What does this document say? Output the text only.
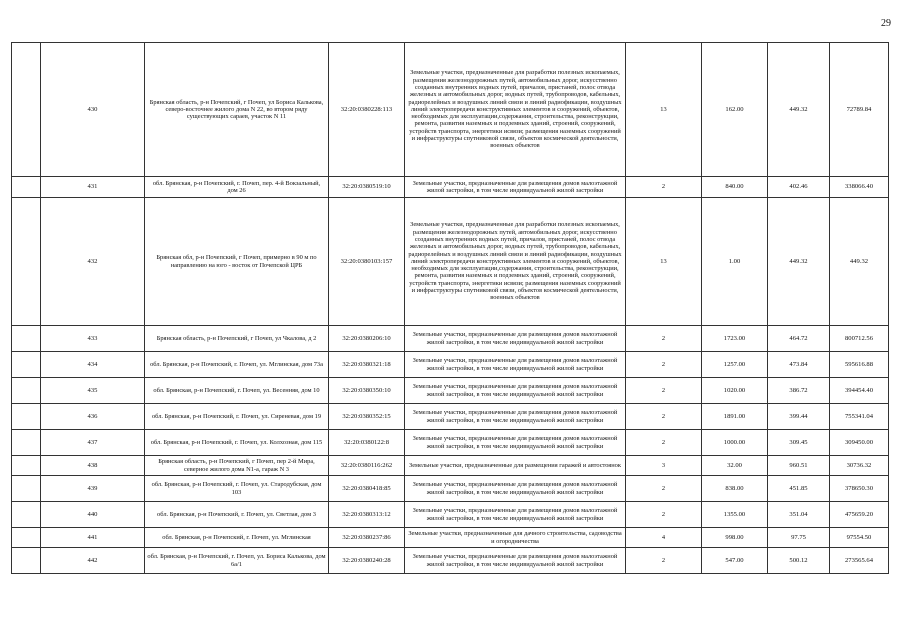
29
	430	Брянская область, р-н Почепский, г Почеп, ул Бориса Калькова, северо-восточнее жилого дома N 22, во втором ряду существующих сараев, участок N 11	32:20:0380228:113	Земельные участки, предназначенные для разработки полезных ископаемых, размещения железнодорожных путей, автомобильных дорог, искусственно созданных внутренних водных путей, причалов, пристаней, полос отвода железных и автомобильных дорог, водных путей, трубопроводов, кабельных, радиорелейных и воздушных линий связи и линий радиофикации, воздушных линий электропередачи конструктивных элементов и сооружений, объектов, необходимых для эксплуатации,содержания, строительства, реконструкции, ремонта, развития наземных и подземных зданий, строений, сооружений, устройств транспорта, энергетики исвязи; размещения наземных сооружений и инфраструктуры спутниковой связи, объектов космической деятельности, военных объектов	13	162.00	449.32	72789.84
	431	обл. Брянская, р-н Почепский, г. Почеп, пер. 4-й Вокзальный, дом 26	32:20:0380519:10	Земельные участки, предназначенные для размещения домов малоэтажной жилой застройки, в том числе индивидуальной жилой застройки	2	840.00	402.46	338066.40
	432	Брянская обл, р-н Почепский, г Почеп, примерно в 90 м по направлению на юго - восток от Почепской ЦРБ	32:20:0380103:157	Земельные участки, предназначенные для разработки полезных ископаемых, размещения железнодорожных путей, автомобильных дорог, искусственно созданных внутренних водных путей, причалов, пристаней, полос отвода железных и автомобильных дорог, водных путей, трубопроводов, кабельных, радиорелейных и воздушных линий связи и линий радиофикации, воздушных линий электропередачи конструктивных элементов и сооружений, объектов, необходимых для эксплуатации,содержания, строительства, реконструкции, ремонта, развития наземных и подземных зданий, строений, сооружений, устройств транспорта, энергетики исвязи; размещения наземных сооружений и инфраструктуры спутниковой связи, объектов космической деятельности, военных объектов	13	1.00	449.32	449.32
	433	Брянская область, р-н Почепский, г Почеп, ул Чкалова, д 2	32:20:0380206:10	Земельные участки, предназначенные для размещения домов малоэтажной жилой застройки, в том числе индивидуальной жилой застройки	2	1723.00	464.72	800712.56
	434	обл. Брянская, р-н Почепский, г. Почеп, ул. Мглинская, дом 73а	32:20:0380321:18	Земельные участки, предназначенные для размещения домов малоэтажной жилой застройки, в том числе индивидуальной жилой застройки	2	1257.00	473.84	595616.88
	435	обл. Брянская, р-н Почепский, г. Почеп, ул. Весенняя, дом 10	32:20:0380350:10	Земельные участки, предназначенные для размещения домов малоэтажной жилой застройки, в том числе индивидуальной жилой застройки	2	1020.00	386.72	394454.40
	436	обл. Брянская, р-н Почепский, г. Почеп, ул. Сиреневая, дом 19	32:20:0380352:15	Земельные участки, предназначенные для размещения домов малоэтажной жилой застройки, в том числе индивидуальной жилой застройки	2	1891.00	399.44	755341.04
	437	обл. Брянская, р-н Почепский, г. Почеп, ул. Колхозная, дом 115	32:20:0380122:8	Земельные участки, предназначенные для размещения домов малоэтажной жилой застройки, в том числе индивидуальной жилой застройки	2	1000.00	309.45	309450.00
	438	Брянская область, р-н Почепский, г Почеп, пер 2-й Мира, северное жилого дома N1-а, гараж N 3	32:20:0380116:262	Земельные участки, предназначенные для размещения гаражей и автостоянок	3	32.00	960.51	30736.32
	439	обл. Брянская, р-н Почепский, г. Почеп, ул. Стародубская, дом 103	32:20:0380418:85	Земельные участки, предназначенные для размещения домов малоэтажной жилой застройки, в том числе индивидуальной жилой застройки	2	838.00	451.85	378650.30
	440	обл. Брянская, р-н Почепский, г. Почеп, ул. Светлая, дом 3	32:20:0380313:12	Земельные участки, предназначенные для размещения домов малоэтажной жилой застройки, в том числе индивидуальной жилой застройки	2	1355.00	351.04	475659.20
	441	обл. Брянская, р-н Почепский, г. Почеп, ул. Мглинская	32:20:0380237:86	Земельные участки, предназначенные для дачного строительства, садоводства и огородничества	4	998.00	97.75	97554.50
	442	обл. Брянская, р-н Почепский, г. Почеп, ул. Бориса Калькова, дом 6а/1	32:20:0380240:28	Земельные участки, предназначенные для размещения домов малоэтажной жилой застройки, в том числе индивидуальной жилой застройки	2	547.00	500.12	273565.64
